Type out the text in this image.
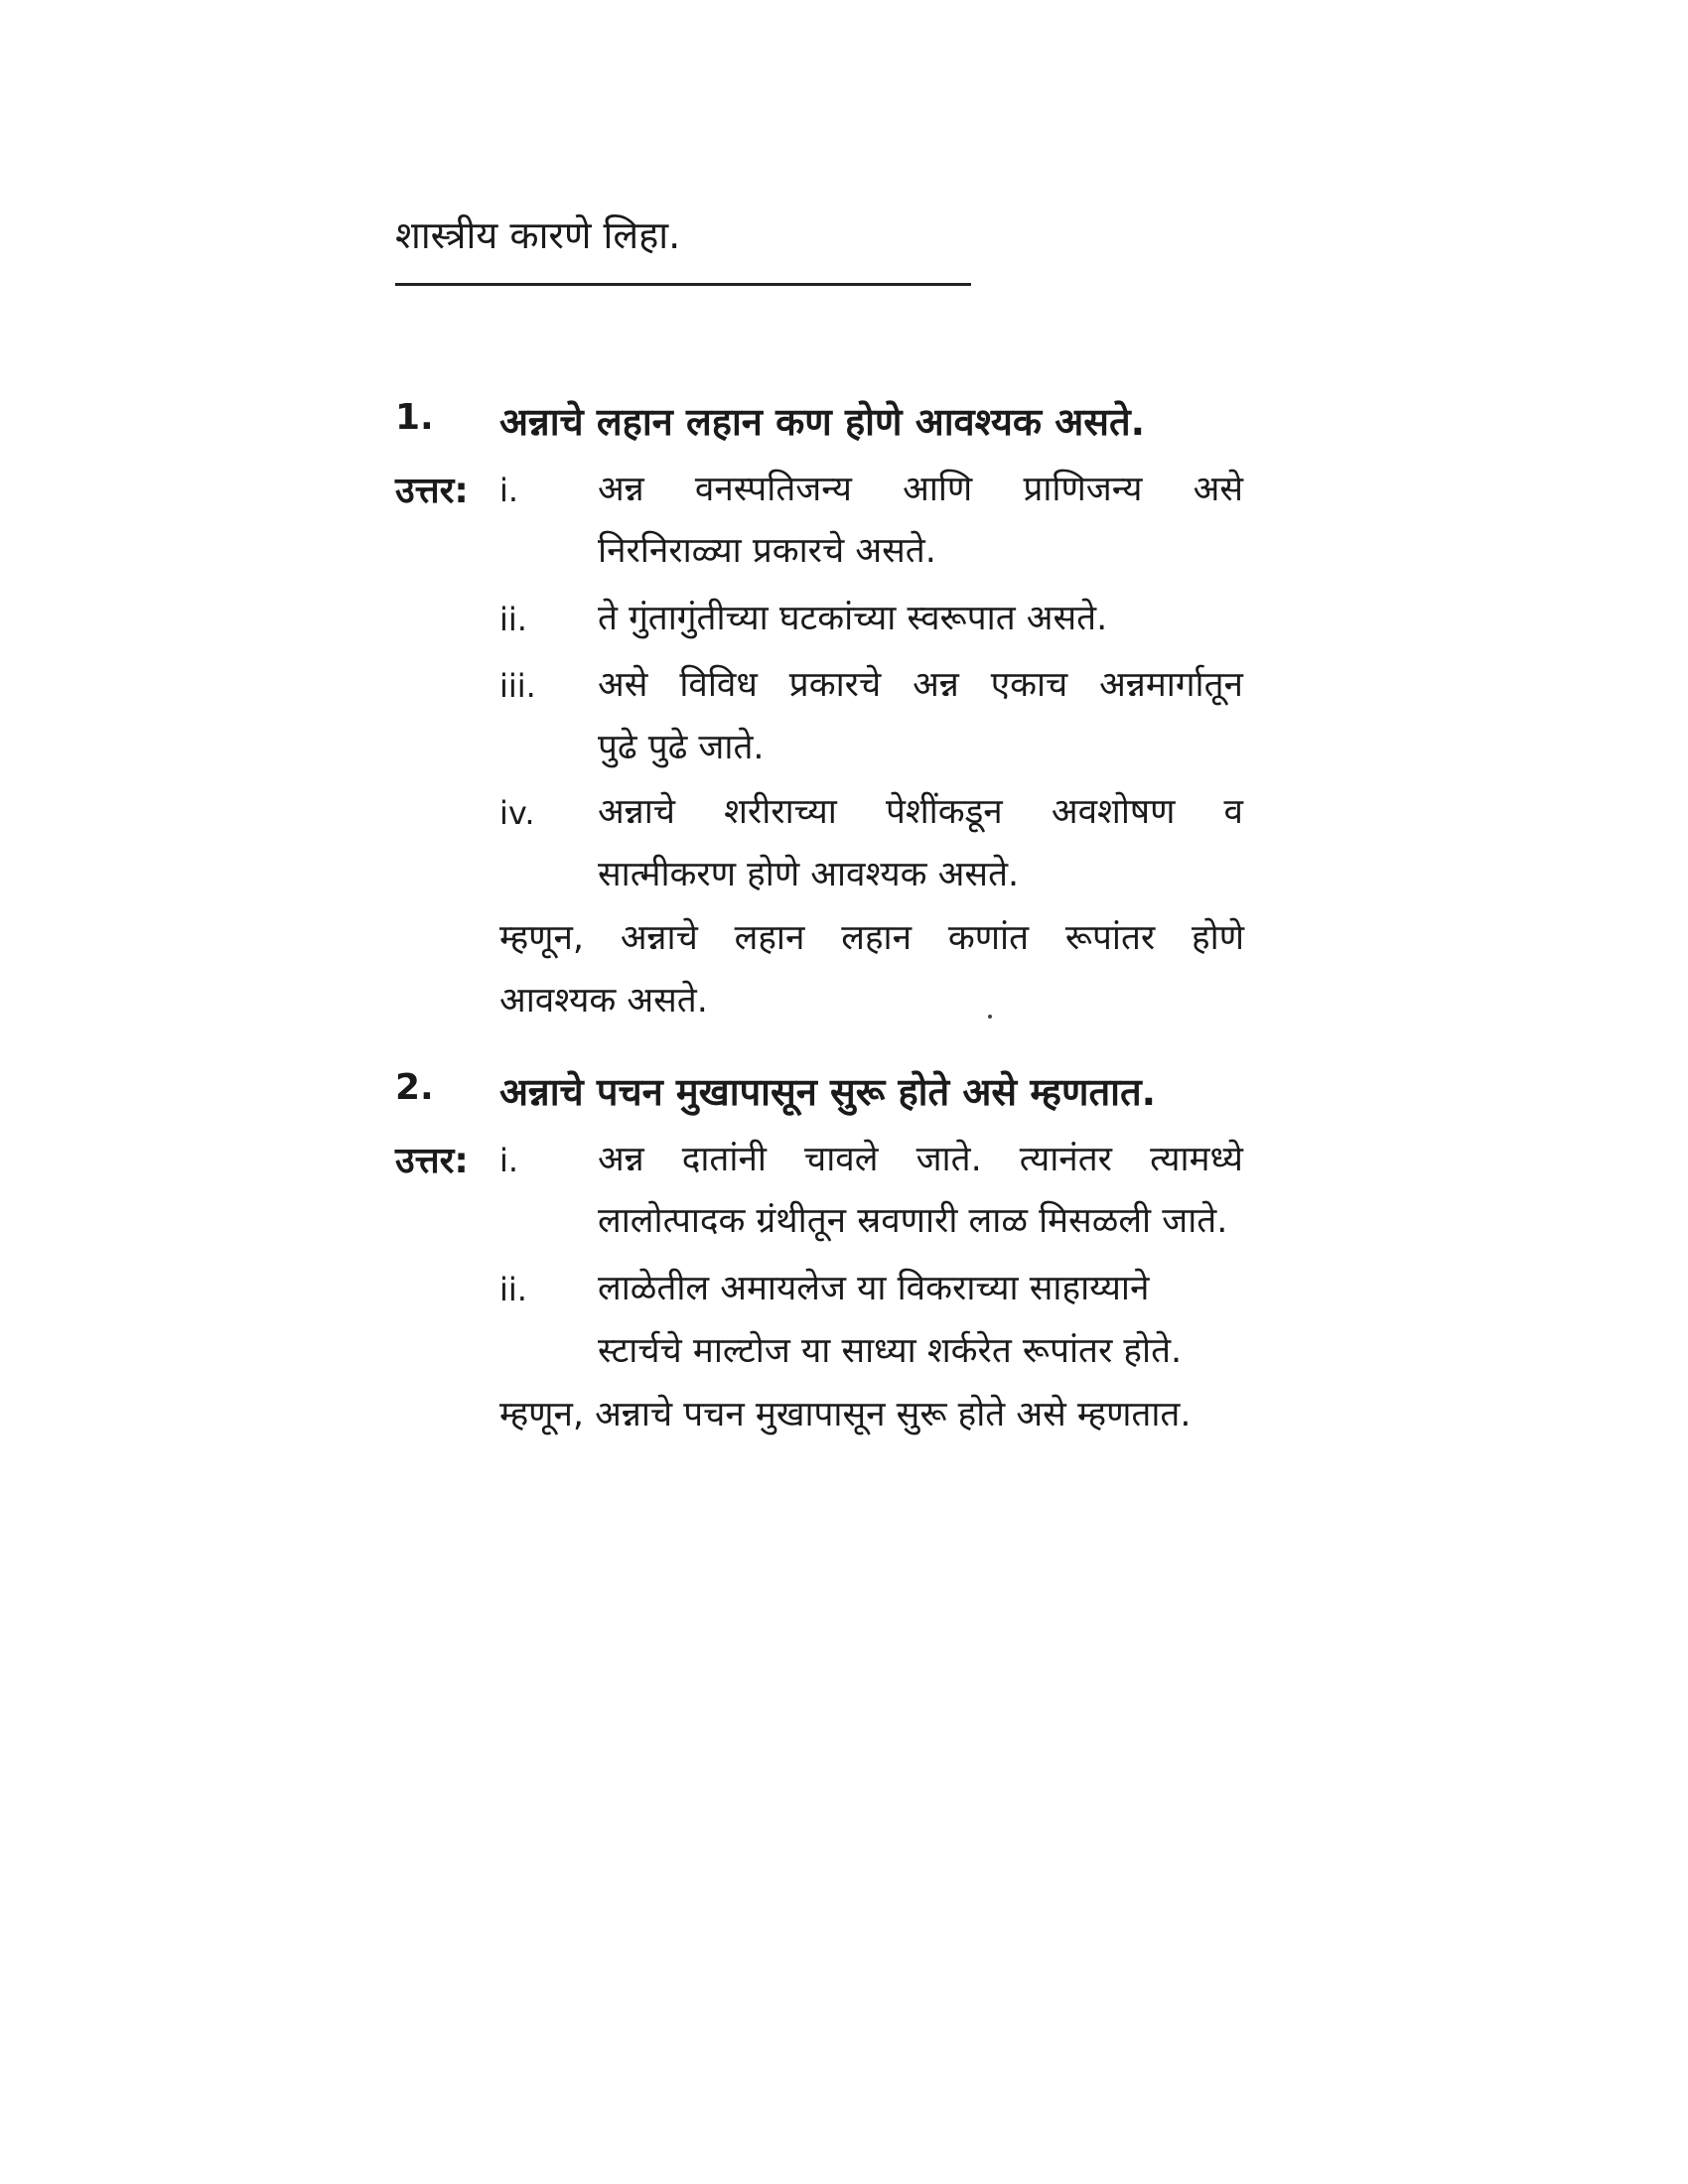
शास्त्रीय कारणे लिहा.
1. अन्नाचे लहान लहान कण होणे आवश्यक असते.
उत्तर: i. अन्न वनस्पतिजन्य आणि प्राणिजन्य असे
निरनिराळ्या प्रकारचे असते.
ii. ते गुंतागुंतीच्या घटकांच्या स्वरूपात असते.
iii. असे विविध प्रकारचे अन्न एकाच अन्नमार्गातून
पुढे पुढे जाते.
iv. अन्नाचे शरीराच्या पेशींकडून अवशोषण व
सात्मीकरण होणे आवश्यक असते.
म्हणून, अन्नाचे लहान लहान कणांत रूपांतर होणे
आवश्यक असते.
2. अन्नाचे पचन मुखापासून सुरू होते असे म्हणतात.
उत्तर: i. अन्न दातांनी चावले जाते. त्यानंतर त्यामध्ये
लालोत्पादक ग्रंथीतून स्रवणारी लाळ मिसळली जाते.
ii. लाळेतील अमायलेज या विकराच्या साहाय्याने
स्टार्चचे माल्टोज या साध्या शर्करेत रूपांतर होते.
म्हणून, अन्नाचे पचन मुखापासून सुरू होते असे म्हणतात.
